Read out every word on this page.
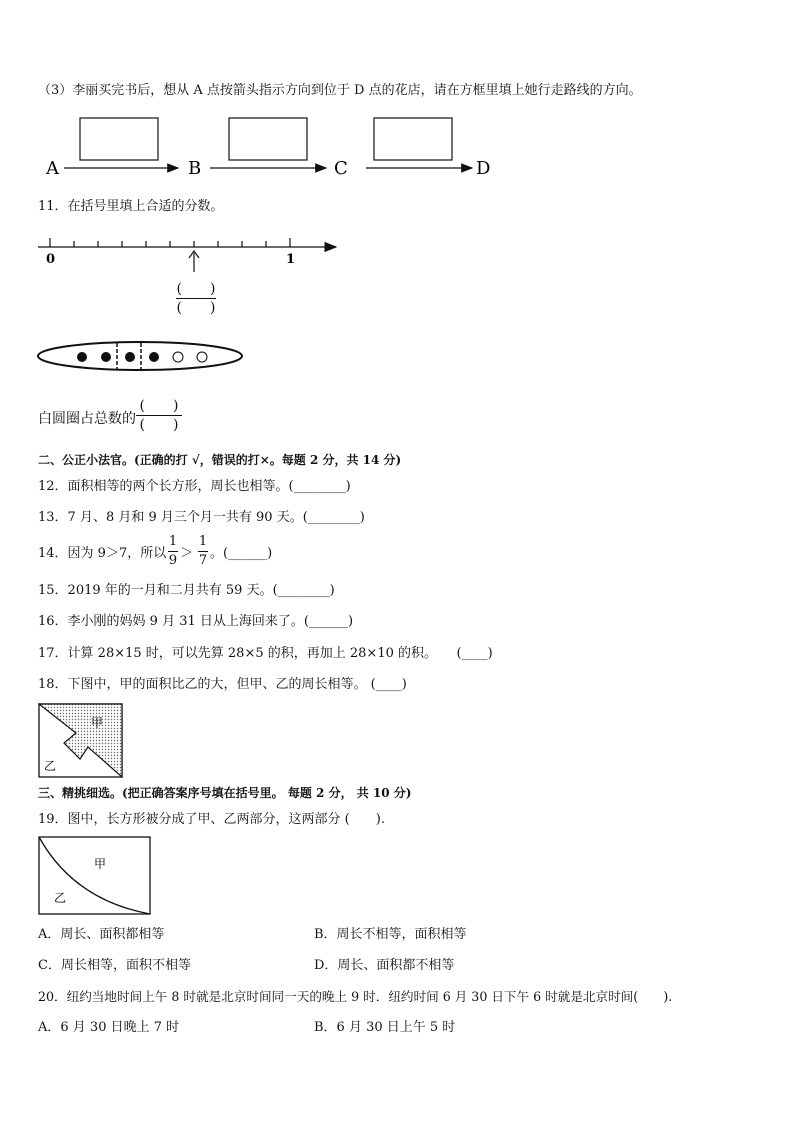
（3）李丽买完书后，想从 A 点按箭头指示方向到位于 D 点的花店，请在方框里填上她行走路线的方向。
A	B	C	D
11．在括号里填上合适的分数。
0	1
(　　)
(　　)
白圆圈占总数的
(　　)
(　　)
二、公正小法官。(正确的打 √，错误的打×。每题 2 分，共 14 分)
12．面积相等的两个长方形，周长也相等。(________)
13．7 月、8 月和 9 月三个月一共有 90 天。(________)
14．因为 9＞7，所以
1
9 ＞
1
7 。(______)
15．2019 年的一月和二月共有 59 天。(________)
16．李小刚的妈妈 9 月 31 日从上海回来了。(______)
17．计算 28×15 时，可以先算 28×5 的积，再加上 28×10 的积。　　(____)
18．下图中，甲的面积比乙的大，但甲、乙的周长相等。 (____)
甲
乙
三、精挑细选。(把正确答案序号填在括号里。 每题 2 分， 共 10 分)
19．图中，长方形被分成了甲、乙两部分，这两部分 (　　).
甲
乙
A．周长、面积都相等	B．周长不相等，面积相等
C．周长相等，面积不相等	D．周长、面积都不相等
20．纽约当地时间上午 8 时就是北京时间同一天的晚上 9 时．纽约时间 6 月 30 日下午 6 时就是北京时间(　　).
A．6 月 30 日晚上 7 时	B．6 月 30 日上午 5 时
